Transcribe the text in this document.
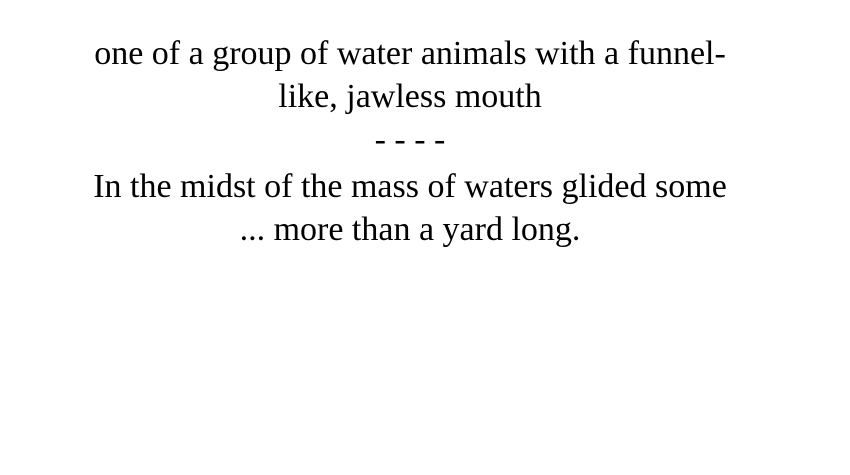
one of a group of water animals with a funnel-
like, jawless mouth
- - - -
In the midst of the mass of waters glided some
... more than a yard long.
